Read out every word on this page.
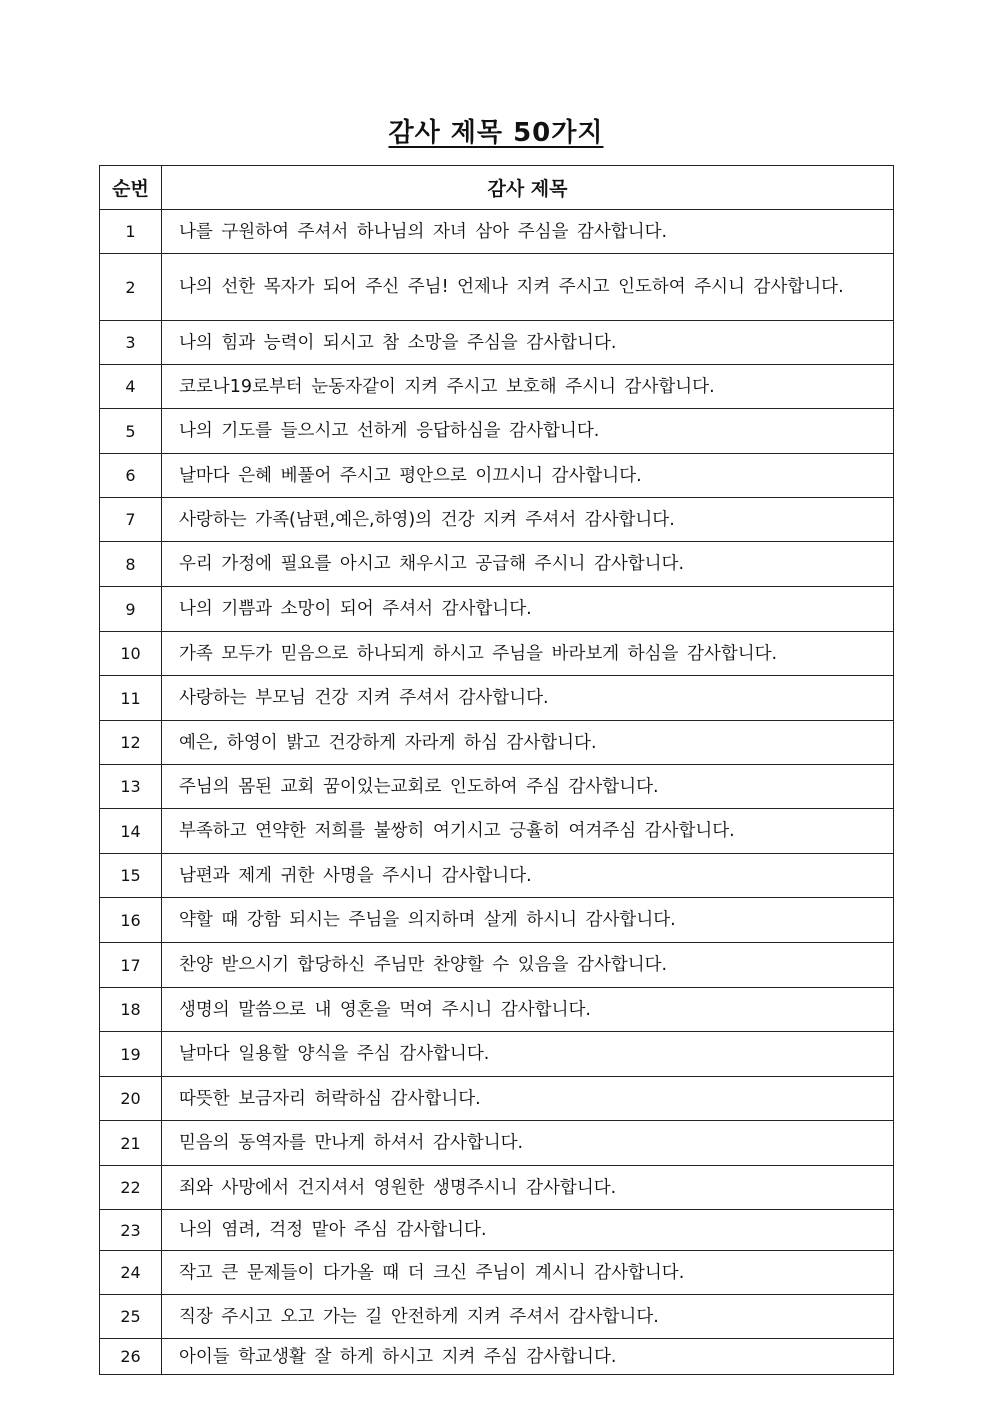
감사 제목 50가지
순번	감사 제목
1	나를 구원하여 주셔서 하나님의 자녀 삼아 주심을 감사합니다.
2	나의 선한 목자가 되어 주신 주님! 언제나 지켜 주시고 인도하여 주시니 감사합니다.
3	나의 힘과 능력이 되시고 참 소망을 주심을 감사합니다.
4	코로나19로부터 눈동자같이 지켜 주시고 보호해 주시니 감사합니다.
5	나의 기도를 들으시고 선하게 응답하심을 감사합니다.
6	날마다 은혜 베풀어 주시고 평안으로 이끄시니 감사합니다.
7	사랑하는 가족(남편,예은,하영)의 건강 지켜 주셔서 감사합니다.
8	우리 가정에 필요를 아시고 채우시고 공급해 주시니 감사합니다.
9	나의 기쁨과 소망이 되어 주셔서 감사합니다.
10	가족 모두가 믿음으로 하나되게 하시고 주님을 바라보게 하심을 감사합니다.
11	사랑하는 부모님 건강 지켜 주셔서 감사합니다.
12	예은, 하영이 밝고 건강하게 자라게 하심 감사합니다.
13	주님의 몸된 교회 꿈이있는교회로 인도하여 주심 감사합니다.
14	부족하고 연약한 저희를 불쌍히 여기시고 긍휼히 여겨주심 감사합니다.
15	남편과 제게 귀한 사명을 주시니 감사합니다.
16	약할 때 강함 되시는 주님을 의지하며 살게 하시니 감사합니다.
17	찬양 받으시기 합당하신 주님만 찬양할 수 있음을 감사합니다.
18	생명의 말씀으로 내 영혼을 먹여 주시니 감사합니다.
19	날마다 일용할 양식을 주심 감사합니다.
20	따뜻한 보금자리 허락하심 감사합니다.
21	믿음의 동역자를 만나게 하셔서 감사합니다.
22	죄와 사망에서 건지셔서 영원한 생명주시니 감사합니다.
23	나의 염려, 걱정 맡아 주심 감사합니다.
24	작고 큰 문제들이 다가올 때 더 크신 주님이 계시니 감사합니다.
25	직장 주시고 오고 가는 길 안전하게 지켜 주셔서 감사합니다.
26	아이들 학교생활 잘 하게 하시고 지켜 주심 감사합니다.
